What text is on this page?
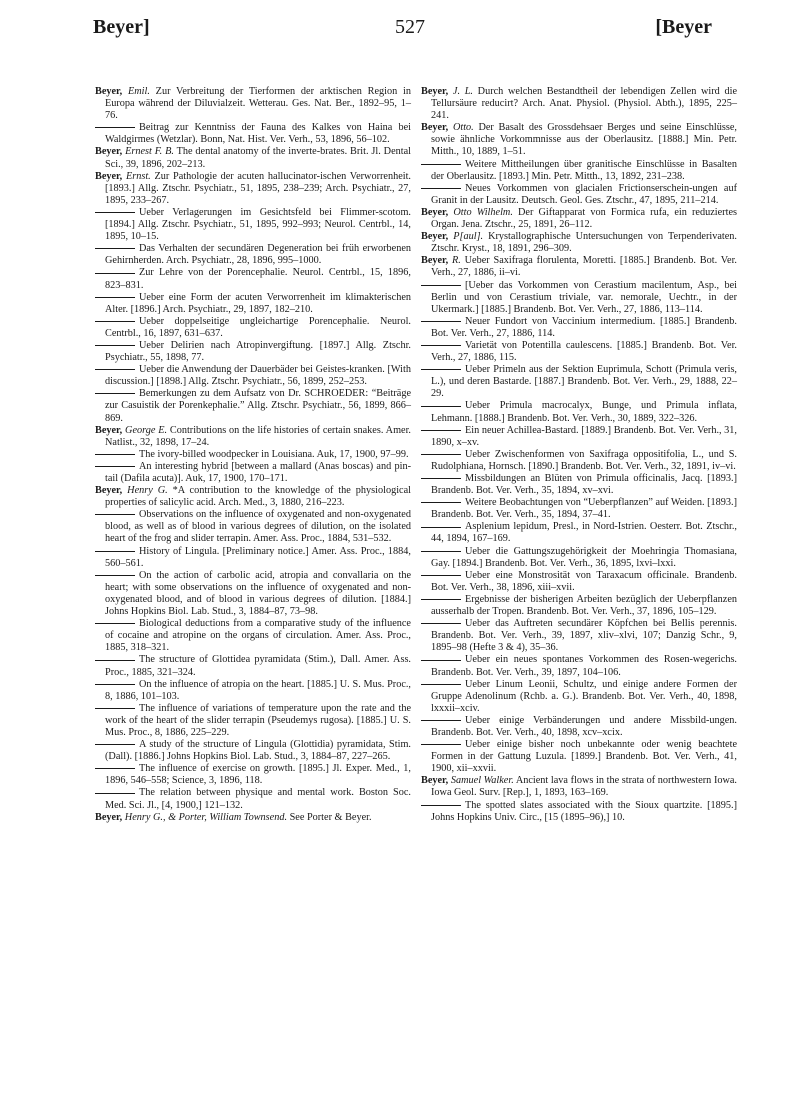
Beyer]	527	[Beyer

Beyer, Emil. Zur Verbreitung der Tierformen der arktischen Region in Europa während der Diluvialzeit. Wetterau. Ges. Nat. Ber., 1892–95, 1–76.

Beitrag zur Kenntniss der Fauna des Kalkes von Haina bei Waldgirmes (Wetzlar). Bonn, Nat. Hist. Ver. Verh., 53, 1896, 56–102.

Beyer, Ernest F. B. The dental anatomy of the inverte-brates. Brit. Jl. Dental Sci., 39, 1896, 202–213.

Beyer, Ernst. Zur Pathologie der acuten hallucinator-ischen Verworrenheit. [1893.] Allg. Ztschr. Psychiatr., 51, 1895, 238–239; Arch. Psychiatr., 27, 1895, 233–267.

Ueber Verlagerungen im Gesichtsfeld bei Flimmer-scotom. [1894.] Allg. Ztschr. Psychiatr., 51, 1895, 992–993; Neurol. Centrbl., 14, 1895, 10–15.

Das Verhalten der secundären Degeneration bei früh erworbenen Gehirnherden. Arch. Psychiatr., 28, 1896, 995–1000.

Zur Lehre von der Porencephalie. Neurol. Centrbl., 15, 1896, 823–831.

Ueber eine Form der acuten Verworrenheit im klimakterischen Alter. [1896.] Arch. Psychiatr., 29, 1897, 182–210.

Ueber doppelseitige ungleichartige Porencephalie. Neurol. Centrbl., 16, 1897, 631–637.

Ueber Delirien nach Atropinvergiftung. [1897.] Allg. Ztschr. Psychiatr., 55, 1898, 77.

Ueber die Anwendung der Dauerbäder bei Geistes-kranken. [With discussion.] [1898.] Allg. Ztschr. Psychiatr., 56, 1899, 252–253.

Bemerkungen zu dem Aufsatz von Dr. SCHROEDER: “Beiträge zur Casuistik der Porenkephalie.” Allg. Ztschr. Psychiatr., 56, 1899, 866–869.

Beyer, George E. Contributions on the life histories of certain snakes. Amer. Natlist., 32, 1898, 17–24.

The ivory-billed woodpecker in Louisiana. Auk, 17, 1900, 97–99.

An interesting hybrid [between a mallard (Anas boscas) and pin-tail (Dafila acuta)]. Auk, 17, 1900, 170–171.

Beyer, Henry G. *A contribution to the knowledge of the physiological properties of salicylic acid. Arch. Med., 3, 1880, 216–223.

Observations on the influence of oxygenated and non-oxygenated blood, as well as of blood in various degrees of dilution, on the isolated heart of the frog and slider terrapin. Amer. Ass. Proc., 1884, 531–532.

History of Lingula. [Preliminary notice.] Amer. Ass. Proc., 1884, 560–561.

On the action of carbolic acid, atropia and convallaria on the heart; with some observations on the influence of oxygenated and non-oxygenated blood, and of blood in various degrees of dilution. [1884.] Johns Hopkins Biol. Lab. Stud., 3, 1884–87, 73–98.

Biological deductions from a comparative study of the influence of cocaine and atropine on the organs of circulation. Amer. Ass. Proc., 1885, 318–321.

The structure of Glottidea pyramidata (Stim.), Dall. Amer. Ass. Proc., 1885, 321–324.

On the influence of atropia on the heart. [1885.] U. S. Mus. Proc., 8, 1886, 101–103.

The influence of variations of temperature upon the rate and the work of the heart of the slider terrapin (Pseudemys rugosa). [1885.] U. S. Mus. Proc., 8, 1886, 225–229.

A study of the structure of Lingula (Glottidia) pyramidata, Stim. (Dall). [1886.] Johns Hopkins Biol. Lab. Stud., 3, 1884–87, 227–265.

The influence of exercise on growth. [1895.] Jl. Exper. Med., 1, 1896, 546–558; Science, 3, 1896, 118.

The relation between physique and mental work. Boston Soc. Med. Sci. Jl., [4, 1900,] 121–132.

Beyer, Henry G., & Porter, William Townsend. See Porter & Beyer.

Beyer, J. L. Durch welchen Bestandtheil der lebendigen Zellen wird die Tellursäure reducirt? Arch. Anat. Physiol. (Physiol. Abth.), 1895, 225–241.

Beyer, Otto. Der Basalt des Grossdehsaer Berges und seine Einschlüsse, sowie ähnliche Vorkommnisse aus der Oberlausitz. [1888.] Min. Petr. Mitth., 10, 1889, 1–51.

Weitere Mittheilungen über granitische Einschlüsse in Basalten der Oberlausitz. [1893.] Min. Petr. Mitth., 13, 1892, 231–238.

Neues Vorkommen von glacialen Frictionserschein-ungen auf Granit in der Lausitz. Deutsch. Geol. Ges. Ztschr., 47, 1895, 211–214.

Beyer, Otto Wilhelm. Der Giftapparat von Formica rufa, ein reduziertes Organ. Jena. Ztschr., 25, 1891, 26–112.

Beyer, P[aul]. Krystallographische Untersuchungen von Terpenderivaten. Ztschr. Kryst., 18, 1891, 296–309.

Beyer, R. Ueber Saxifraga florulenta, Moretti. [1885.] Brandenb. Bot. Ver. Verh., 27, 1886, ii–vi.

[Ueber das Vorkommen von Cerastium macilentum, Asp., bei Berlin und von Cerastium triviale, var. nemorale, Uechtr., in der Ukermark.] [1885.] Brandenb. Bot. Ver. Verh., 27, 1886, 113–114.

Neuer Fundort von Vaccinium intermedium. [1885.] Brandenb. Bot. Ver. Verh., 27, 1886, 114.

Varietät von Potentilla caulescens. [1885.] Brandenb. Bot. Ver. Verh., 27, 1886, 115.

Ueber Primeln aus der Sektion Euprimula, Schott (Primula veris, L.), und deren Bastarde. [1887.] Brandenb. Bot. Ver. Verh., 29, 1888, 22–29.

Ueber Primula macrocalyx, Bunge, und Primula inflata, Lehmann. [1888.] Brandenb. Bot. Ver. Verh., 30, 1889, 322–326.

Ein neuer Achillea-Bastard. [1889.] Brandenb. Bot. Ver. Verh., 31, 1890, x–xv.

Ueber Zwischenformen von Saxifraga oppositifolia, L., und S. Rudolphiana, Hornsch. [1890.] Brandenb. Bot. Ver. Verh., 32, 1891, iv–vi.

Missbildungen an Blüten von Primula officinalis, Jacq. [1893.] Brandenb. Bot. Ver. Verh., 35, 1894, xv–xvi.

Weitere Beobachtungen von “Ueberpflanzen” auf Weiden. [1893.] Brandenb. Bot. Ver. Verh., 35, 1894, 37–41.

Asplenium lepidum, Presl., in Nord-Istrien. Oesterr. Bot. Ztschr., 44, 1894, 167–169.

Ueber die Gattungszugehörigkeit der Moehringia Thomasiana, Gay. [1894.] Brandenb. Bot. Ver. Verh., 36, 1895, lxvi–lxxi.

Ueber eine Monstrosität von Taraxacum officinale. Brandenb. Bot. Ver. Verh., 38, 1896, xiii–xvii.

Ergebnisse der bisherigen Arbeiten bezüglich der Ueberpflanzen ausserhalb der Tropen. Brandenb. Bot. Ver. Verh., 37, 1896, 105–129.

Ueber das Auftreten secundärer Köpfchen bei Bellis perennis. Brandenb. Bot. Ver. Verh., 39, 1897, xliv–xlvi, 107; Danzig Schr., 9, 1895–98 (Hefte 3 & 4), 35–36.

Ueber ein neues spontanes Vorkommen des Rosen-wegerichs. Brandenb. Bot. Ver. Verh., 39, 1897, 104–106.

Ueber Linum Leonii, Schultz, und einige andere Formen der Gruppe Adenolinum (Rchb. a. G.). Brandenb. Bot. Ver. Verh., 40, 1898, lxxxii–xciv.

Ueber einige Verbänderungen und andere Missbild-ungen. Brandenb. Bot. Ver. Verh., 40, 1898, xcv–xcix.

Ueber einige bisher noch unbekannte oder wenig beachtete Formen in der Gattung Luzula. [1899.] Brandenb. Bot. Ver. Verh., 41, 1900, xii–xxvii.

Beyer, Samuel Walker. Ancient lava flows in the strata of northwestern Iowa. Iowa Geol. Surv. [Rep.], 1, 1893, 163–169.

The spotted slates associated with the Sioux quartzite. [1895.] Johns Hopkins Univ. Circ., [15 (1895–96),] 10.
